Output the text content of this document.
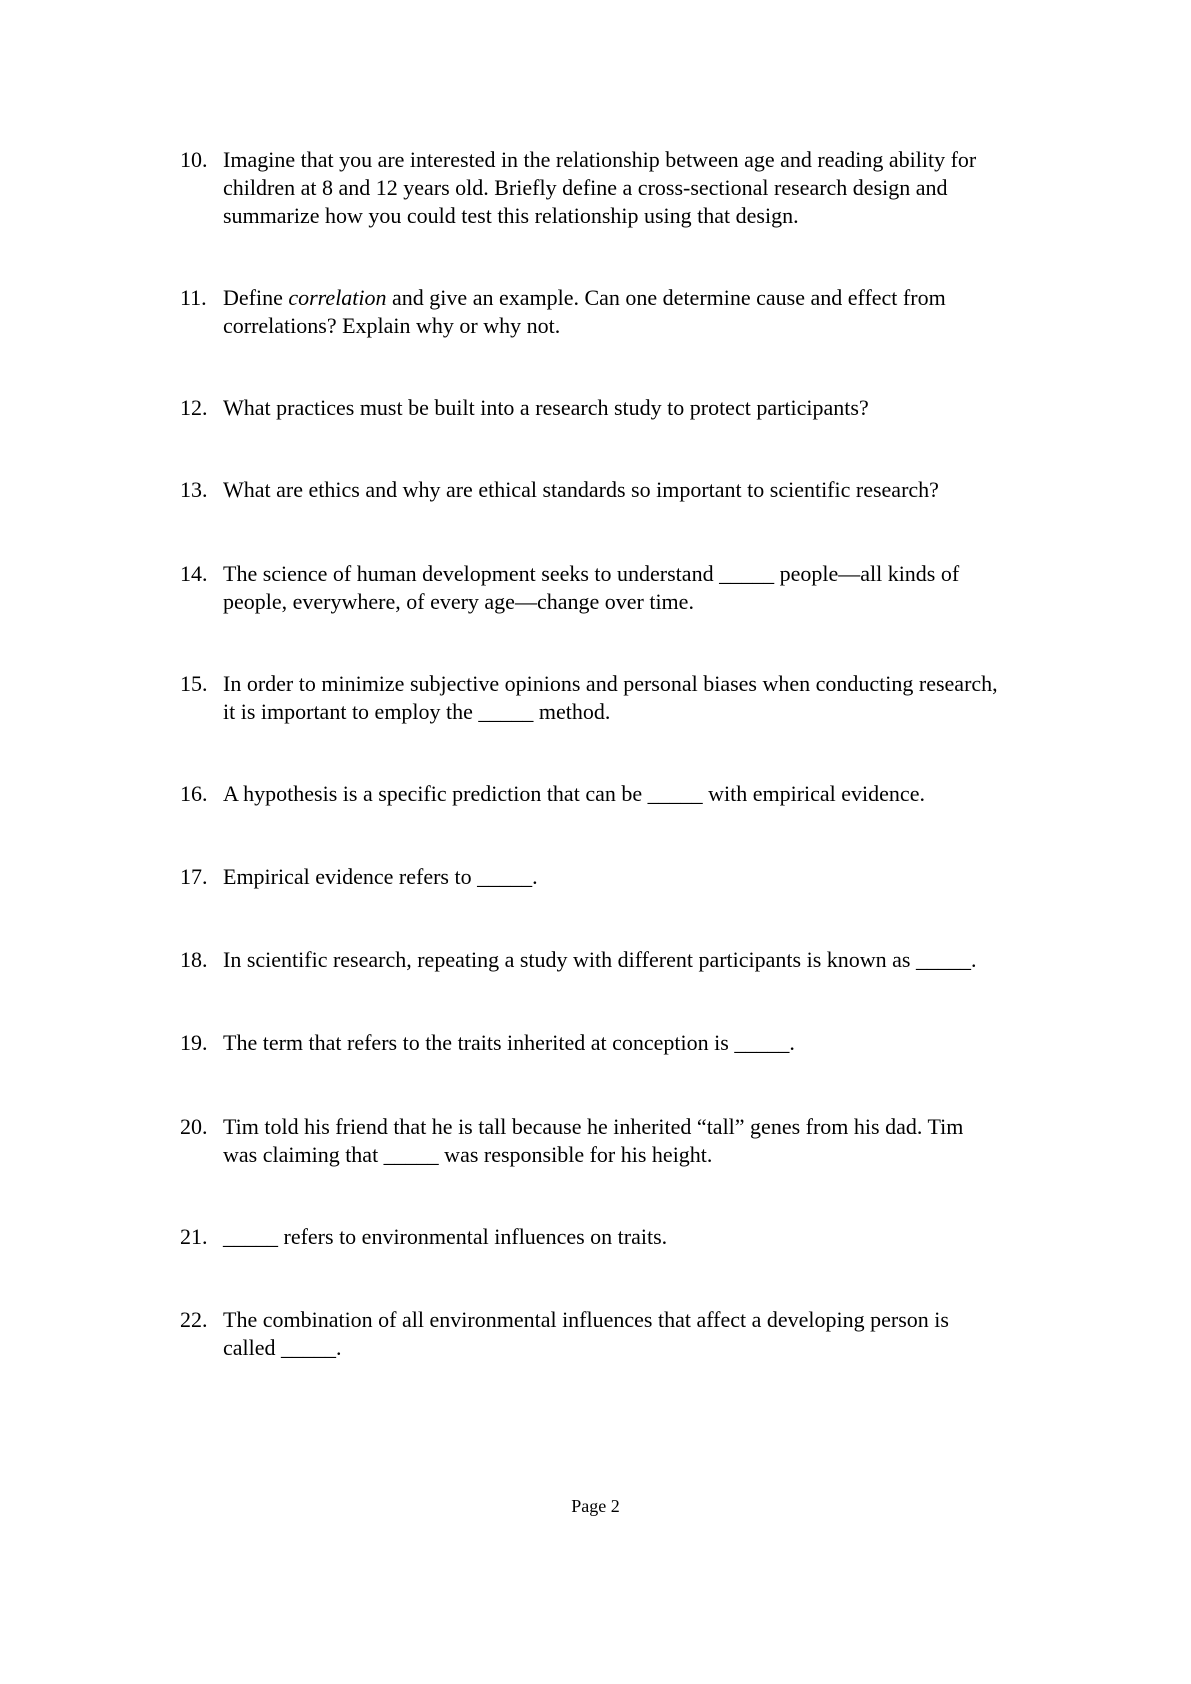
10. Imagine that you are interested in the relationship between age and reading ability for
children at 8 and 12 years old. Briefly define a cross-sectional research design and
summarize how you could test this relationship using that design.
11. Define correlation and give an example. Can one determine cause and effect from
correlations? Explain why or why not.
12. What practices must be built into a research study to protect participants?
13. What are ethics and why are ethical standards so important to scientific research?
14. The science of human development seeks to understand _____ people—all kinds of
people, everywhere, of every age—change over time.
15. In order to minimize subjective opinions and personal biases when conducting research,
it is important to employ the _____ method.
16. A hypothesis is a specific prediction that can be _____ with empirical evidence.
17. Empirical evidence refers to _____.
18. In scientific research, repeating a study with different participants is known as _____.
19. The term that refers to the traits inherited at conception is _____.
20. Tim told his friend that he is tall because he inherited “tall” genes from his dad. Tim
was claiming that _____ was responsible for his height.
21. _____ refers to environmental influences on traits.
22. The combination of all environmental influences that affect a developing person is
called _____.
Page 2
